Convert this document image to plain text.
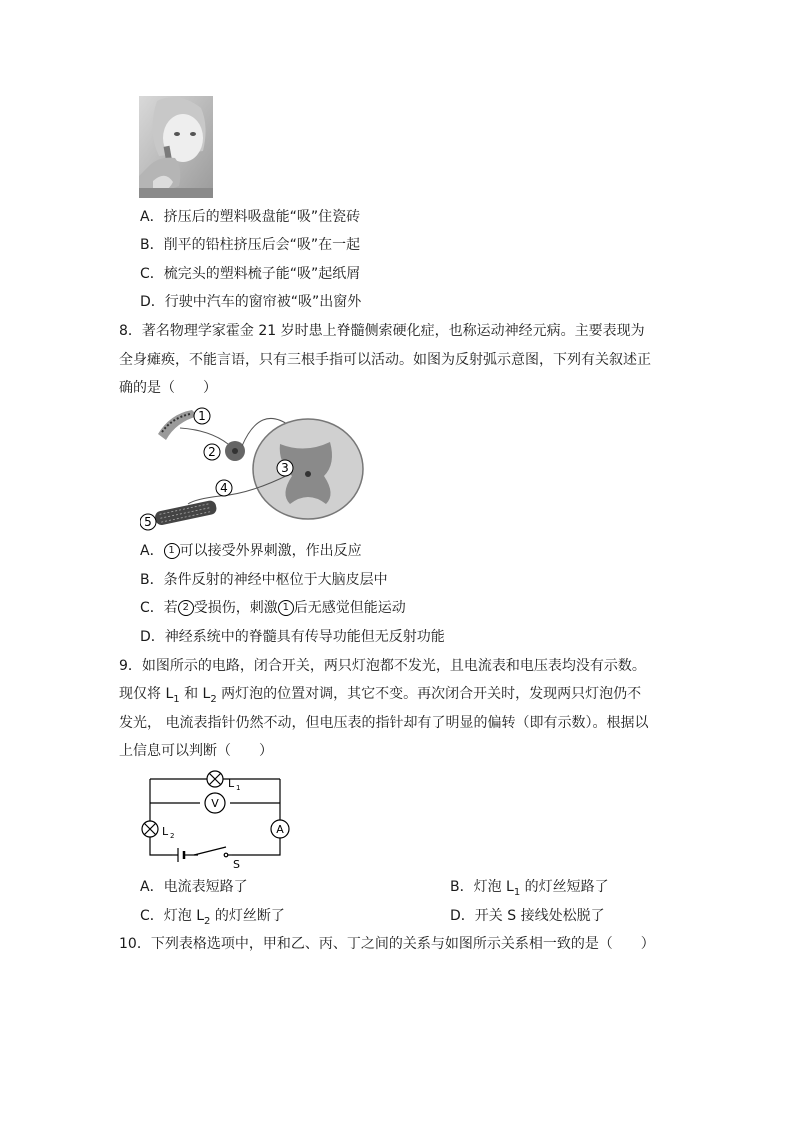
A．挤压后的塑料吸盘能“吸”住瓷砖
B．削平的铅柱挤压后会“吸”在一起
C．梳完头的塑料梳子能“吸”起纸屑
D．行驶中汽车的窗帘被“吸”出窗外
8．著名物理学家霍金 21 岁时患上脊髓侧索硬化症，也称运动神经元病。主要表现为
全身瘫痪，不能言语，只有三根手指可以活动。如图为反射弧示意图，下列有关叙述正
确的是（　　）
1
2
3
4
5
A． 1 可以接受外界刺激，作出反应
B．条件反射的神经中枢位于大脑皮层中
C．若 2 受损伤，刺激 1 后无感觉但能运动
D．神经系统中的脊髓具有传导功能但无反射功能
9．如图所示的电路，闭合开关，两只灯泡都不发光，且电流表和电压表均没有示数。
现仅将 $L_1$ 和 $L_2$ 两灯泡的位置对调，其它不变。再次闭合开关时，发现两只灯泡仍不
发光， 电流表指针仍然不动，但电压表的指针却有了明显的偏转（即有示数）。根据以
上信息可以判断（　　）
L 1
L 2
V
A
S
A．电流表短路了	B．灯泡 $L_1$ 的灯丝短路了
C．灯泡 $L_2$ 的灯丝断了	D．开关 S 接线处松脱了
10．下列表格选项中，甲和乙、丙、丁之间的关系与如图所示关系相一致的是（　　）
